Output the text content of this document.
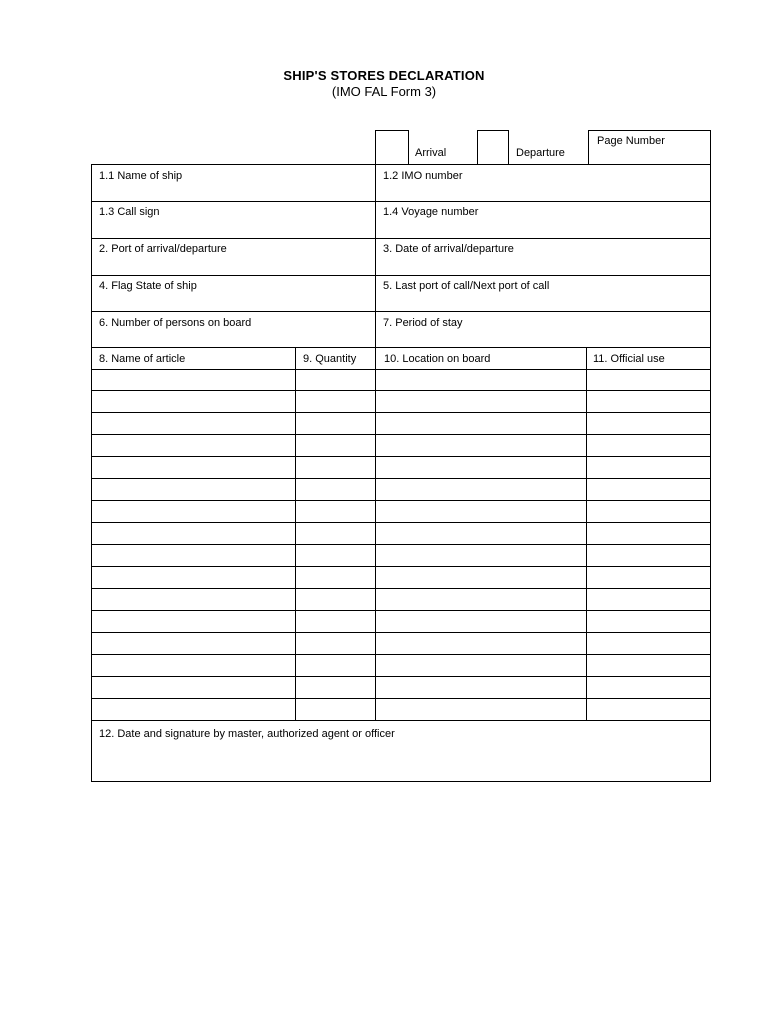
SHIP'S STORES DECLARATION
(IMO FAL Form 3)
Arrival	Departure
Page Number
1.1 Name of ship	1.2 IMO number
1.3 Call sign	1.4 Voyage number
2. Port of arrival/departure	3. Date of arrival/departure
4. Flag State of ship	5. Last port of call/Next port of call
6. Number of persons on board	7. Period of stay
8. Name of article	9. Quantity	10. Location on board	11. Official use
12. Date and signature by master, authorized agent or officer
